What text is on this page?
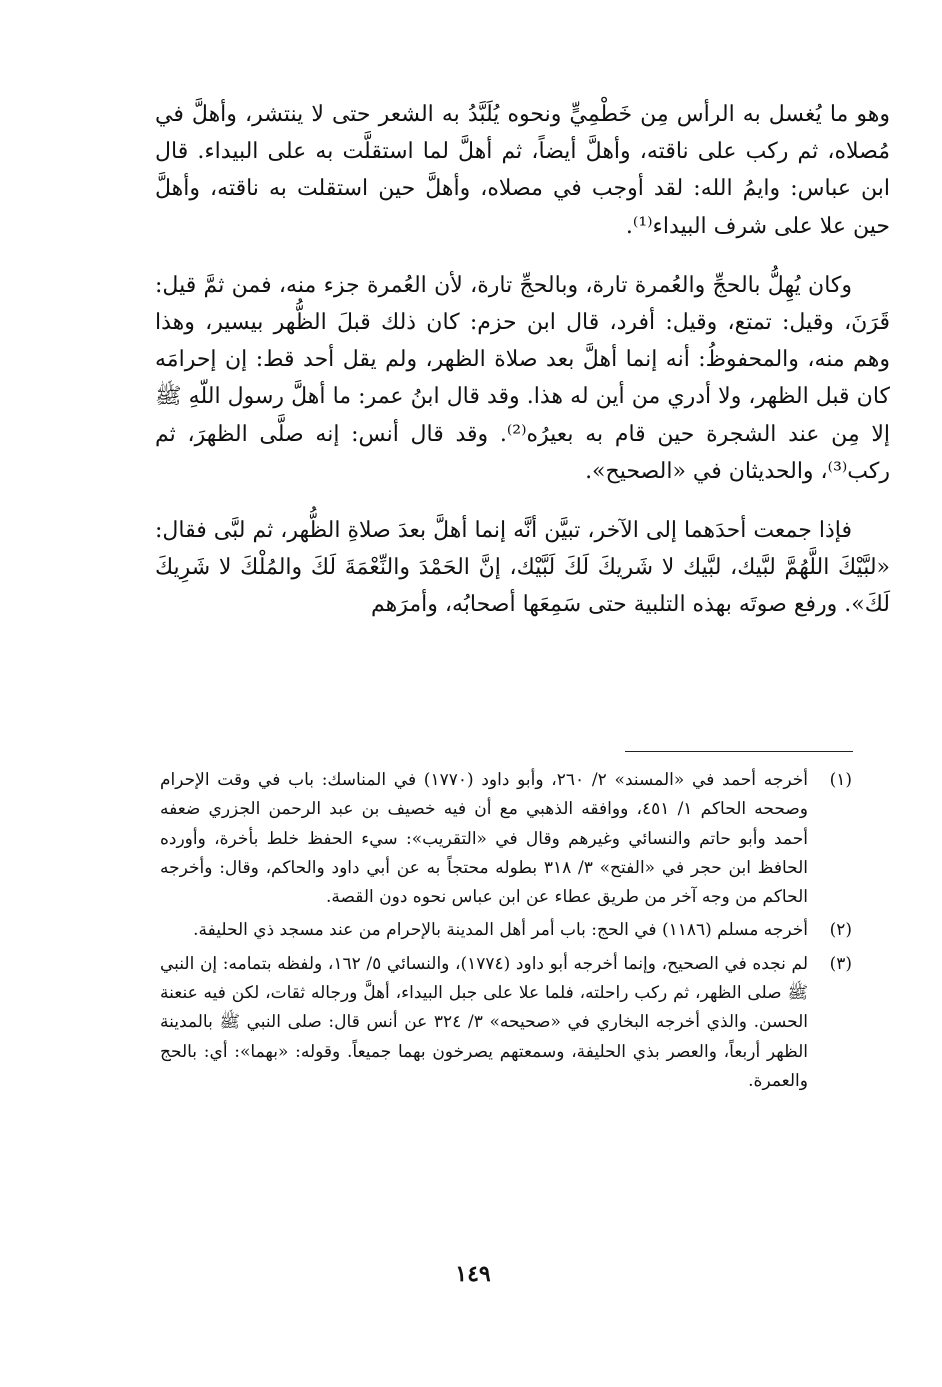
وهو ما يُغسل به الرأس مِن خَطْمِيٍّ ونحوه يُلَبَّدُ به الشعر حتى لا ينتشر، وأهلَّ في مُصلاه، ثم ركب على ناقته، وأهلَّ أيضاً، ثم أهلَّ لما استقلَّت به على البيداء. قال ابن عباس: وايمُ الله: لقد أوجب في مصلاه، وأهلَّ حين استقلت به ناقته، وأهلَّ حين علا على شرف البيداء⁽¹⁾.

وكان يُهِلُّ بالحجِّ والعُمرة تارة، وبالحجِّ تارة، لأن العُمرة جزء منه، فمن ثمَّ قيل: قَرَنَ، وقيل: تمتع، وقيل: أفرد، قال ابن حزم: كان ذلك قبلَ الظُّهر بيسير، وهذا وهم منه، والمحفوظُ: أنه إنما أهلَّ بعد صلاة الظهر، ولم يقل أحد قط: إن إحرامَه كان قبل الظهر، ولا أدري من أين له هذا. وقد قال ابنُ عمر: ما أهلَّ رسول اللّهِ ﷺ إلا مِن عند الشجرة حين قام به بعيرُه⁽²⁾. وقد قال أنس: إنه صلَّى الظهرَ، ثم ركب⁽³⁾، والحديثان في «الصحيح».

فإذا جمعت أحدَهما إلى الآخر، تبيَّن أنَّه إنما أهلَّ بعدَ صلاةِ الظُّهر، ثم لبَّى فقال: «لبَّيْكَ اللَّهُمَّ لبَّيك، لبَّيك لا شَريكَ لَكَ لَبَّيْك، إنَّ الحَمْدَ والنِّعْمَةَ لَكَ والمُلْكَ لا شَرِيكَ لَكَ». ورفع صوتَه بهذه التلبية حتى سَمِعَها أصحابُه، وأمرَهم

(١)
أخرجه أحمد في «المسند» ٢/ ٢٦٠، وأبو داود (١٧٧٠) في المناسك: باب في وقت الإحرام وصححه الحاكم ١/ ٤٥١، ووافقه الذهبي مع أن فيه خصيف بن عبد الرحمن الجزري ضعفه أحمد وأبو حاتم والنسائي وغيرهم وقال في «التقريب»: سيء الحفظ خلط بأخرة، وأورده الحافظ ابن حجر في «الفتح» ٣/ ٣١٨ بطوله محتجاً به عن أبي داود والحاكم، وقال: وأخرجه الحاكم من وجه آخر من طريق عطاء عن ابن عباس نحوه دون القصة.
(٢)
أخرجه مسلم (١١٨٦) في الحج: باب أمر أهل المدينة بالإحرام من عند مسجد ذي الحليفة.
(٣)
لم نجده في الصحيح، وإنما أخرجه أبو داود (١٧٧٤)، والنسائي ٥/ ١٦٢، ولفظه بتمامه: إن النبي ﷺ صلى الظهر، ثم ركب راحلته، فلما علا على جبل البيداء، أهلَّ ورجاله ثقات، لكن فيه عنعنة الحسن. والذي أخرجه البخاري في «صحيحه» ٣/ ٣٢٤ عن أنس قال: صلى النبي ﷺ بالمدينة الظهر أربعاً، والعصر بذي الحليفة، وسمعتهم يصرخون بهما جميعاً. وقوله: «بهما»: أي: بالحج والعمرة.
١٤٩
